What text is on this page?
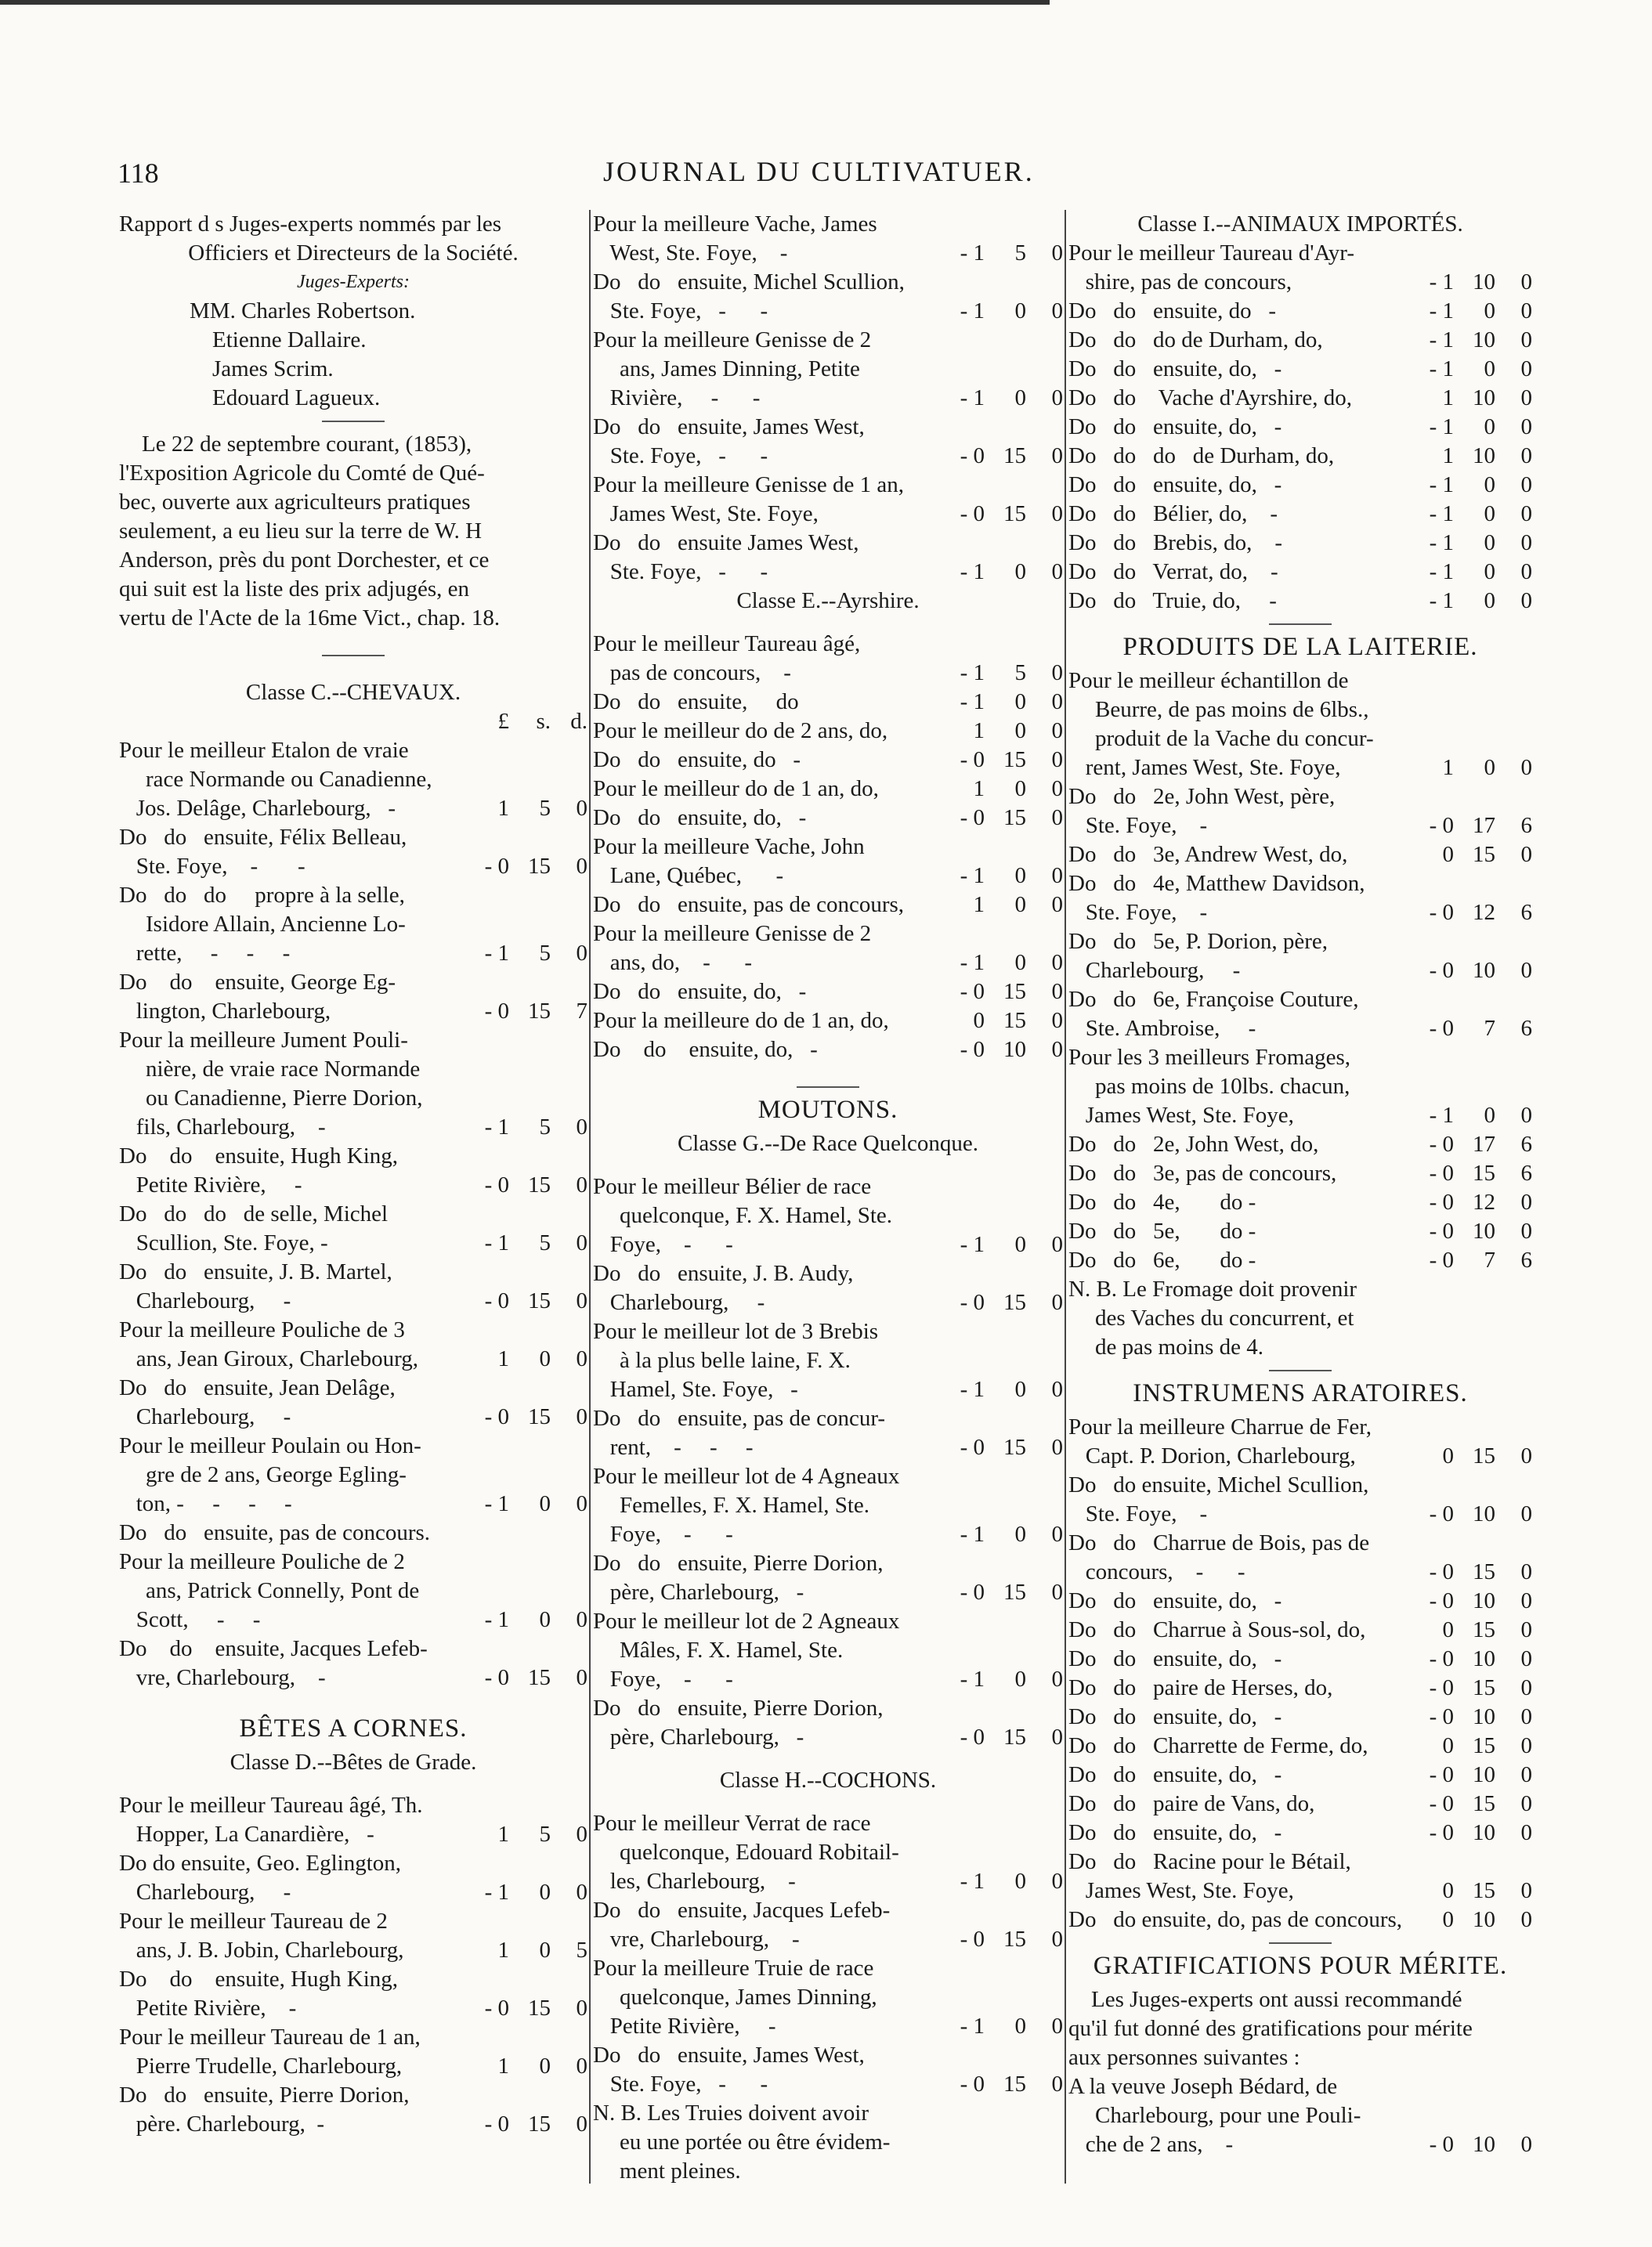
118	JOURNAL DU CULTIVATUER.
Rapport d s Juges-experts nommés par les
Officiers et Directeurs de la Société.
Juges-Experts:
MM. Charles Robertson.
Etienne Dallaire.
James Scrim.
Edouard Lagueux.
Le 22 de septembre courant, (1853),
l'Exposition Agricole du Comté de Qué-
bec, ouverte aux agriculteurs pratiques
seulement, a eu lieu sur la terre de W. H
Anderson, près du pont Dorchester, et ce
qui suit est la liste des prix adjugés, en
vertu de l'Acte de la 16me Vict., chap. 18.
Classe C.--CHEVAUX.
£	s. d.
Pour le meilleur Etalon de vraie
race Normande ou Canadienne,
Jos. Delâge, Charlebourg,   -	1	5	0
Do   do   ensuite, Félix Belleau,
Ste. Foye,    -       -	- 0 15	0
Do   do   do     propre à la selle,
Isidore Allain, Ancienne Lo-
rette,     -     -     -	- 1	5	0
Do    do    ensuite, George Eg-
lington, Charlebourg,	- 0 15	7
Pour la meilleure Jument Pouli-
nière, de vraie race Normande
ou Canadienne, Pierre Dorion,
fils, Charlebourg,    -	- 1	5	0
Do    do    ensuite, Hugh King,
Petite Rivière,     -	- 0 15	0
Do   do   do   de selle, Michel
Scullion, Ste. Foye, -	- 1	5	0
Do   do   ensuite, J. B. Martel,
Charlebourg,     -	- 0 15	0
Pour la meilleure Pouliche de 3
ans, Jean Giroux, Charlebourg,	1	0	0
Do   do   ensuite, Jean Delâge,
Charlebourg,     -	- 0 15	0
Pour le meilleur Poulain ou Hon-
gre de 2 ans, George Egling-
ton, -     -     -     -	- 1	0	0
Do   do   ensuite, pas de concours.
Pour la meilleure Pouliche de 2
ans, Patrick Connelly, Pont de
Scott,     -     -	- 1	0	0
Do    do    ensuite, Jacques Lefeb-
vre, Charlebourg,    -	- 0 15	0
BÊTES A CORNES.
Classe D.--Bêtes de Grade.
Pour le meilleur Taureau âgé, Th.
Hopper, La Canardière,   -	1	5	0
Do do ensuite, Geo. Eglington,
Charlebourg,     -	- 1	0	0
Pour le meilleur Taureau de 2
ans, J. B. Jobin, Charlebourg,	1	0	5
Do    do    ensuite, Hugh King,
Petite Rivière,    -	- 0 15	0
Pour le meilleur Taureau de 1 an,
Pierre Trudelle, Charlebourg,	1	0	0
Do   do   ensuite, Pierre Dorion,
père. Charlebourg,  -	- 0 15	0
Pour la meilleure Vache, James
West, Ste. Foye,    -	- 1	5	0
Do   do   ensuite, Michel Scullion,
Ste. Foye,   -      -	- 1	0	0
Pour la meilleure Genisse de 2
ans, James Dinning, Petite
Rivière,     -      -	- 1	0	0
Do   do   ensuite, James West,
Ste. Foye,   -      -	- 0 15	0
Pour la meilleure Genisse de 1 an,
James West, Ste. Foye,	- 0 15	0
Do   do   ensuite James West,
Ste. Foye,   -      -	- 1	0	0
Classe E.--Ayrshire.
Pour le meilleur Taureau âgé,
pas de concours,    -	- 1	5	0
Do   do   ensuite,     do	- 1	0	0
Pour le meilleur do de 2 ans, do,	1	0	0
Do   do   ensuite, do   -	- 0 15	0
Pour le meilleur do de 1 an, do,	1	0	0
Do   do   ensuite, do,   -	- 0 15	0
Pour la meilleure Vache, John
Lane, Québec,      -	- 1	0	0
Do   do   ensuite, pas de concours,	1	0	0
Pour la meilleure Genisse de 2
ans, do,    -      -	- 1	0	0
Do   do   ensuite, do,   -	- 0 15	0
Pour la meilleure do de 1 an, do,	0 15	0
Do    do    ensuite, do,   -	- 0 10	0
MOUTONS.
Classe G.--De Race Quelconque.
Pour le meilleur Bélier de race
quelconque, F. X. Hamel, Ste.
Foye,    -      -	- 1	0	0
Do   do   ensuite, J. B. Audy,
Charlebourg,     -	- 0 15	0
Pour le meilleur lot de 3 Brebis
à la plus belle laine, F. X.
Hamel, Ste. Foye,   -	- 1	0	0
Do   do   ensuite, pas de concur-
rent,    -     -     -	- 0 15	0
Pour le meilleur lot de 4 Agneaux
Femelles, F. X. Hamel, Ste.
Foye,    -      -	- 1	0	0
Do   do   ensuite, Pierre Dorion,
père, Charlebourg,   -	- 0 15	0
Pour le meilleur lot de 2 Agneaux
Mâles, F. X. Hamel, Ste.
Foye,    -      -	- 1	0	0
Do   do   ensuite, Pierre Dorion,
père, Charlebourg,   -	- 0 15	0
Classe H.--COCHONS.
Pour le meilleur Verrat de race
quelconque, Edouard Robitail-
les, Charlebourg,    -	- 1	0	0
Do   do   ensuite, Jacques Lefeb-
vre, Charlebourg,    -	- 0 15	0
Pour la meilleure Truie de race
quelconque, James Dinning,
Petite Rivière,     -	- 1	0	0
Do   do   ensuite, James West,
Ste. Foye,   -      -	- 0 15	0
N. B. Les Truies doivent avoir
eu une portée ou être évidem-
ment pleines.
Classe I.--ANIMAUX IMPORTÉS.
Pour le meilleur Taureau d'Ayr-
shire, pas de concours,	- 1 10	0
Do   do   ensuite, do   -	- 1	0	0
Do   do   do de Durham, do,	- 1 10	0
Do   do   ensuite, do,   -	- 1	0	0
Do   do    Vache d'Ayrshire, do,	1 10	0
Do   do   ensuite, do,   -	- 1	0	0
Do   do   do   de Durham, do,	1 10	0
Do   do   ensuite, do,   -	- 1	0	0
Do   do   Bélier, do,    -	- 1	0	0
Do   do   Brebis, do,    -	- 1	0	0
Do   do   Verrat, do,    -	- 1	0	0
Do   do   Truie, do,     -	- 1	0	0
PRODUITS DE LA LAITERIE.
Pour le meilleur échantillon de
Beurre, de pas moins de 6lbs.,
produit de la Vache du concur-
rent, James West, Ste. Foye,	1	0	0
Do   do   2e, John West, père,
Ste. Foye,    -	- 0 17	6
Do   do   3e, Andrew West, do,	0 15	0
Do   do   4e, Matthew Davidson,
Ste. Foye,    -	- 0 12	6
Do   do   5e, P. Dorion, père,
Charlebourg,     -	- 0 10	0
Do   do   6e, Françoise Couture,
Ste. Ambroise,     -	- 0	7	6
Pour les 3 meilleurs Fromages,
pas moins de 10lbs. chacun,
James West, Ste. Foye,	- 1	0	0
Do   do   2e, John West, do,	- 0 17	6
Do   do   3e, pas de concours,	- 0 15	6
Do   do   4e,       do -	- 0 12	0
Do   do   5e,       do -	- 0 10	0
Do   do   6e,       do -	- 0	7	6
N. B. Le Fromage doit provenir
des Vaches du concurrent, et
de pas moins de 4.
INSTRUMENS ARATOIRES.
Pour la meilleure Charrue de Fer,
Capt. P. Dorion, Charlebourg,	0 15	0
Do   do ensuite, Michel Scullion,
Ste. Foye,    -	- 0 10	0
Do   do   Charrue de Bois, pas de
concours,    -      -	- 0 15	0
Do   do   ensuite, do,   -	- 0 10	0
Do   do   Charrue à Sous-sol, do,	0 15	0
Do   do   ensuite, do,   -	- 0 10	0
Do   do   paire de Herses, do,	- 0 15	0
Do   do   ensuite, do,   -	- 0 10	0
Do   do   Charrette de Ferme, do,	0 15	0
Do   do   ensuite, do,   -	- 0 10	0
Do   do   paire de Vans, do,	- 0 15	0
Do   do   ensuite, do,   -	- 0 10	0
Do   do   Racine pour le Bétail,
James West, Ste. Foye,	0 15	0
Do   do ensuite, do, pas de concours,	0 10	0
GRATIFICATIONS POUR MÉRITE.
Les Juges-experts ont aussi recommandé
qu'il fut donné des gratifications pour mérite
aux personnes suivantes :
A la veuve Joseph Bédard, de
Charlebourg, pour une Pouli-
che de 2 ans,    -	- 0 10	0
